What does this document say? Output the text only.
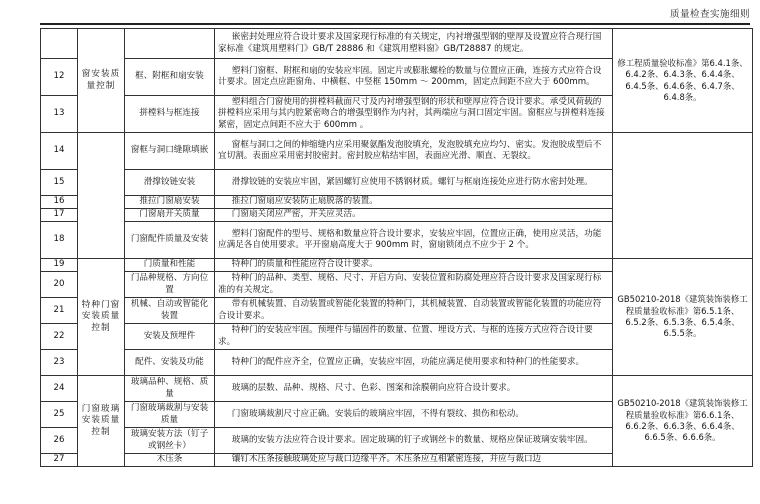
质量检查实施细则
	窗安装质量控制		嵌密封处理应符合设计要求及国家现行标准的有关规定，内衬增强型钢的壁厚及设置应符合现行国家标准《建筑用塑料门》GB/T 28886 和《建筑用塑料窗》GB/T28887 的规定。	修工程质量验收标准》第6.4.1条、6.4.2条、6.4.3条、6.4.4条、6.4.5条、6.4.6条、6.4.7条、6.4.8条。
12		框、附框和扇安装	塑料门窗框、附框和扇的安装应牢固。固定片或膨胀螺栓的数量与位置应正确，连接方式应符合设计要求。固定点应距窗角、中横框、中竖框 150mm ～ 200mm，固定点间距不应大于 600mm。	
13		拼樘料与框连接	塑料组合门窗使用的拼樘料截面尺寸及内衬增强型钢的形状和壁厚应符合设计要求。承受风荷载的拼樘料应采用与其内腔紧密吻合的增强型钢作为内衬，其两端应与洞口固定牢固。窗框应与拼樘料连接紧密，固定点间距不应大于 600mm 。	
14		窗框与洞口缝隙填嵌	窗框与洞口之间的伸缩缝内应采用聚氨酯发泡胶填充，发泡胶填充应均匀、密实。发泡胶成型后不宜切割。表面应采用密封胶密封。密封胶应粘结牢固，表面应光滑、顺直、无裂纹。	
15		滑撑铰链安装	滑撑铰链的安装应牢固，紧固螺钉应使用不锈钢材质。螺钉与框扇连接处应进行防水密封处理。	
16		推拉门窗扇安装	推拉门窗扇应安装防止扇脱落的装置。	
17		门窗扇开关质量	门窗扇关闭应严密，开关应灵活。	
18		门窗配件质量及安装	塑料门窗配件的型号、规格和数量应符合设计要求，安装应牢固，位置应正确，使用应灵活，功能应满足各自使用要求。平开窗扇高度大于 900mm 时，窗扇锁闭点不应少于 2 个。	
19	特种门窗安装质量控制	门质量和性能	特种门的质量和性能应符合设计要求。	GB50210-2018《建筑装饰装修工程质量验收标准》第6.5.1条、6.5.2条、6.5.3条、6.5.4条、6.5.5条。
20		门品种规格、方向位置	特种门的品种、类型、规格、尺寸、开启方向、安装位置和防腐处理应符合设计要求及国家现行标准的有关规定。	
21		机械、自动或智能化装置	带有机械装置、自动装置或智能化装置的特种门，其机械装置、自动装置或智能化装置的功能应符合设计要求。	
22		安装及预埋件	特种门的安装应牢固。预埋件与锚固件的数量、位置、埋设方式、与框的连接方式应符合设计要求。	
23		配件、安装及功能	特种门的配件应齐全，位置应正确，安装应牢固，功能应满足使用要求和特种门的性能要求。	
24	门窗玻璃安装质量控制	玻璃品种、规格、质量	玻璃的层数、品种、规格、尺寸、色彩、图案和涂膜朝向应符合设计要求。	GB50210-2018《建筑装饰装修工程质量验收标准》第6.6.1条、6.6.2条、6.6.3条、6.6.4条、6.6.5条、6.6.6条。
25		门窗玻璃裁割与安装质量	门窗玻璃裁割尺寸应正确。安装后的玻璃应牢固，不得有裂纹、损伤和松动。	
26		玻璃安装方法（钉子或钢丝卡）	玻璃的安装方法应符合设计要求。固定玻璃的钉子或钢丝卡的数量、规格应保证玻璃安装牢固。	
27		木压条	镶钉木压条接触玻璃处应与裁口边缘平齐。木压条应互相紧密连接，并应与裁口边	
